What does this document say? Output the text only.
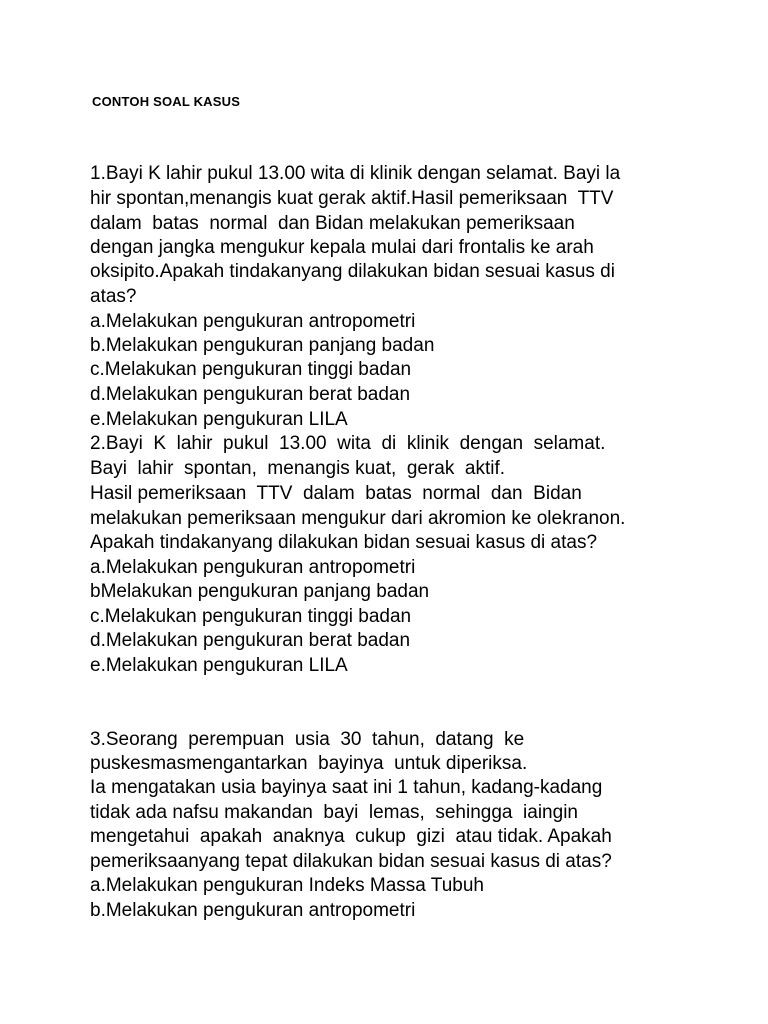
CONTOH SOAL KASUS
1.Bayi K lahir pukul 13.00 wita di klinik dengan selamat. Bayi la
hir spontan,menangis kuat gerak aktif.Hasil pemeriksaan  TTV
dalam  batas  normal  dan Bidan melakukan pemeriksaan
dengan jangka mengukur kepala mulai dari frontalis ke arah
oksipito.Apakah tindakanyang dilakukan bidan sesuai kasus di
atas?
a.Melakukan pengukuran antropometri
b.Melakukan pengukuran panjang badan
c.Melakukan pengukuran tinggi badan
d.Melakukan pengukuran berat badan
e.Melakukan pengukuran LILA
2.Bayi  K  lahir  pukul  13.00  wita  di  klinik  dengan  selamat.
Bayi  lahir  spontan,  menangis kuat,  gerak  aktif.
Hasil pemeriksaan  TTV  dalam  batas  normal  dan  Bidan
melakukan pemeriksaan mengukur dari akromion ke olekranon.
Apakah tindakanyang dilakukan bidan sesuai kasus di atas?
a.Melakukan pengukuran antropometri
bMelakukan pengukuran panjang badan
c.Melakukan pengukuran tinggi badan
d.Melakukan pengukuran berat badan
e.Melakukan pengukuran LILA
3.Seorang  perempuan  usia  30  tahun,  datang  ke
puskesmasmengantarkan  bayinya  untuk diperiksa.
Ia mengatakan usia bayinya saat ini 1 tahun, kadang-kadang
tidak ada nafsu makandan  bayi  lemas,  sehingga  iaingin
mengetahui  apakah  anaknya  cukup  gizi  atau tidak. Apakah
pemeriksaanyang tepat dilakukan bidan sesuai kasus di atas?
a.Melakukan pengukuran Indeks Massa Tubuh
b.Melakukan pengukuran antropometri
